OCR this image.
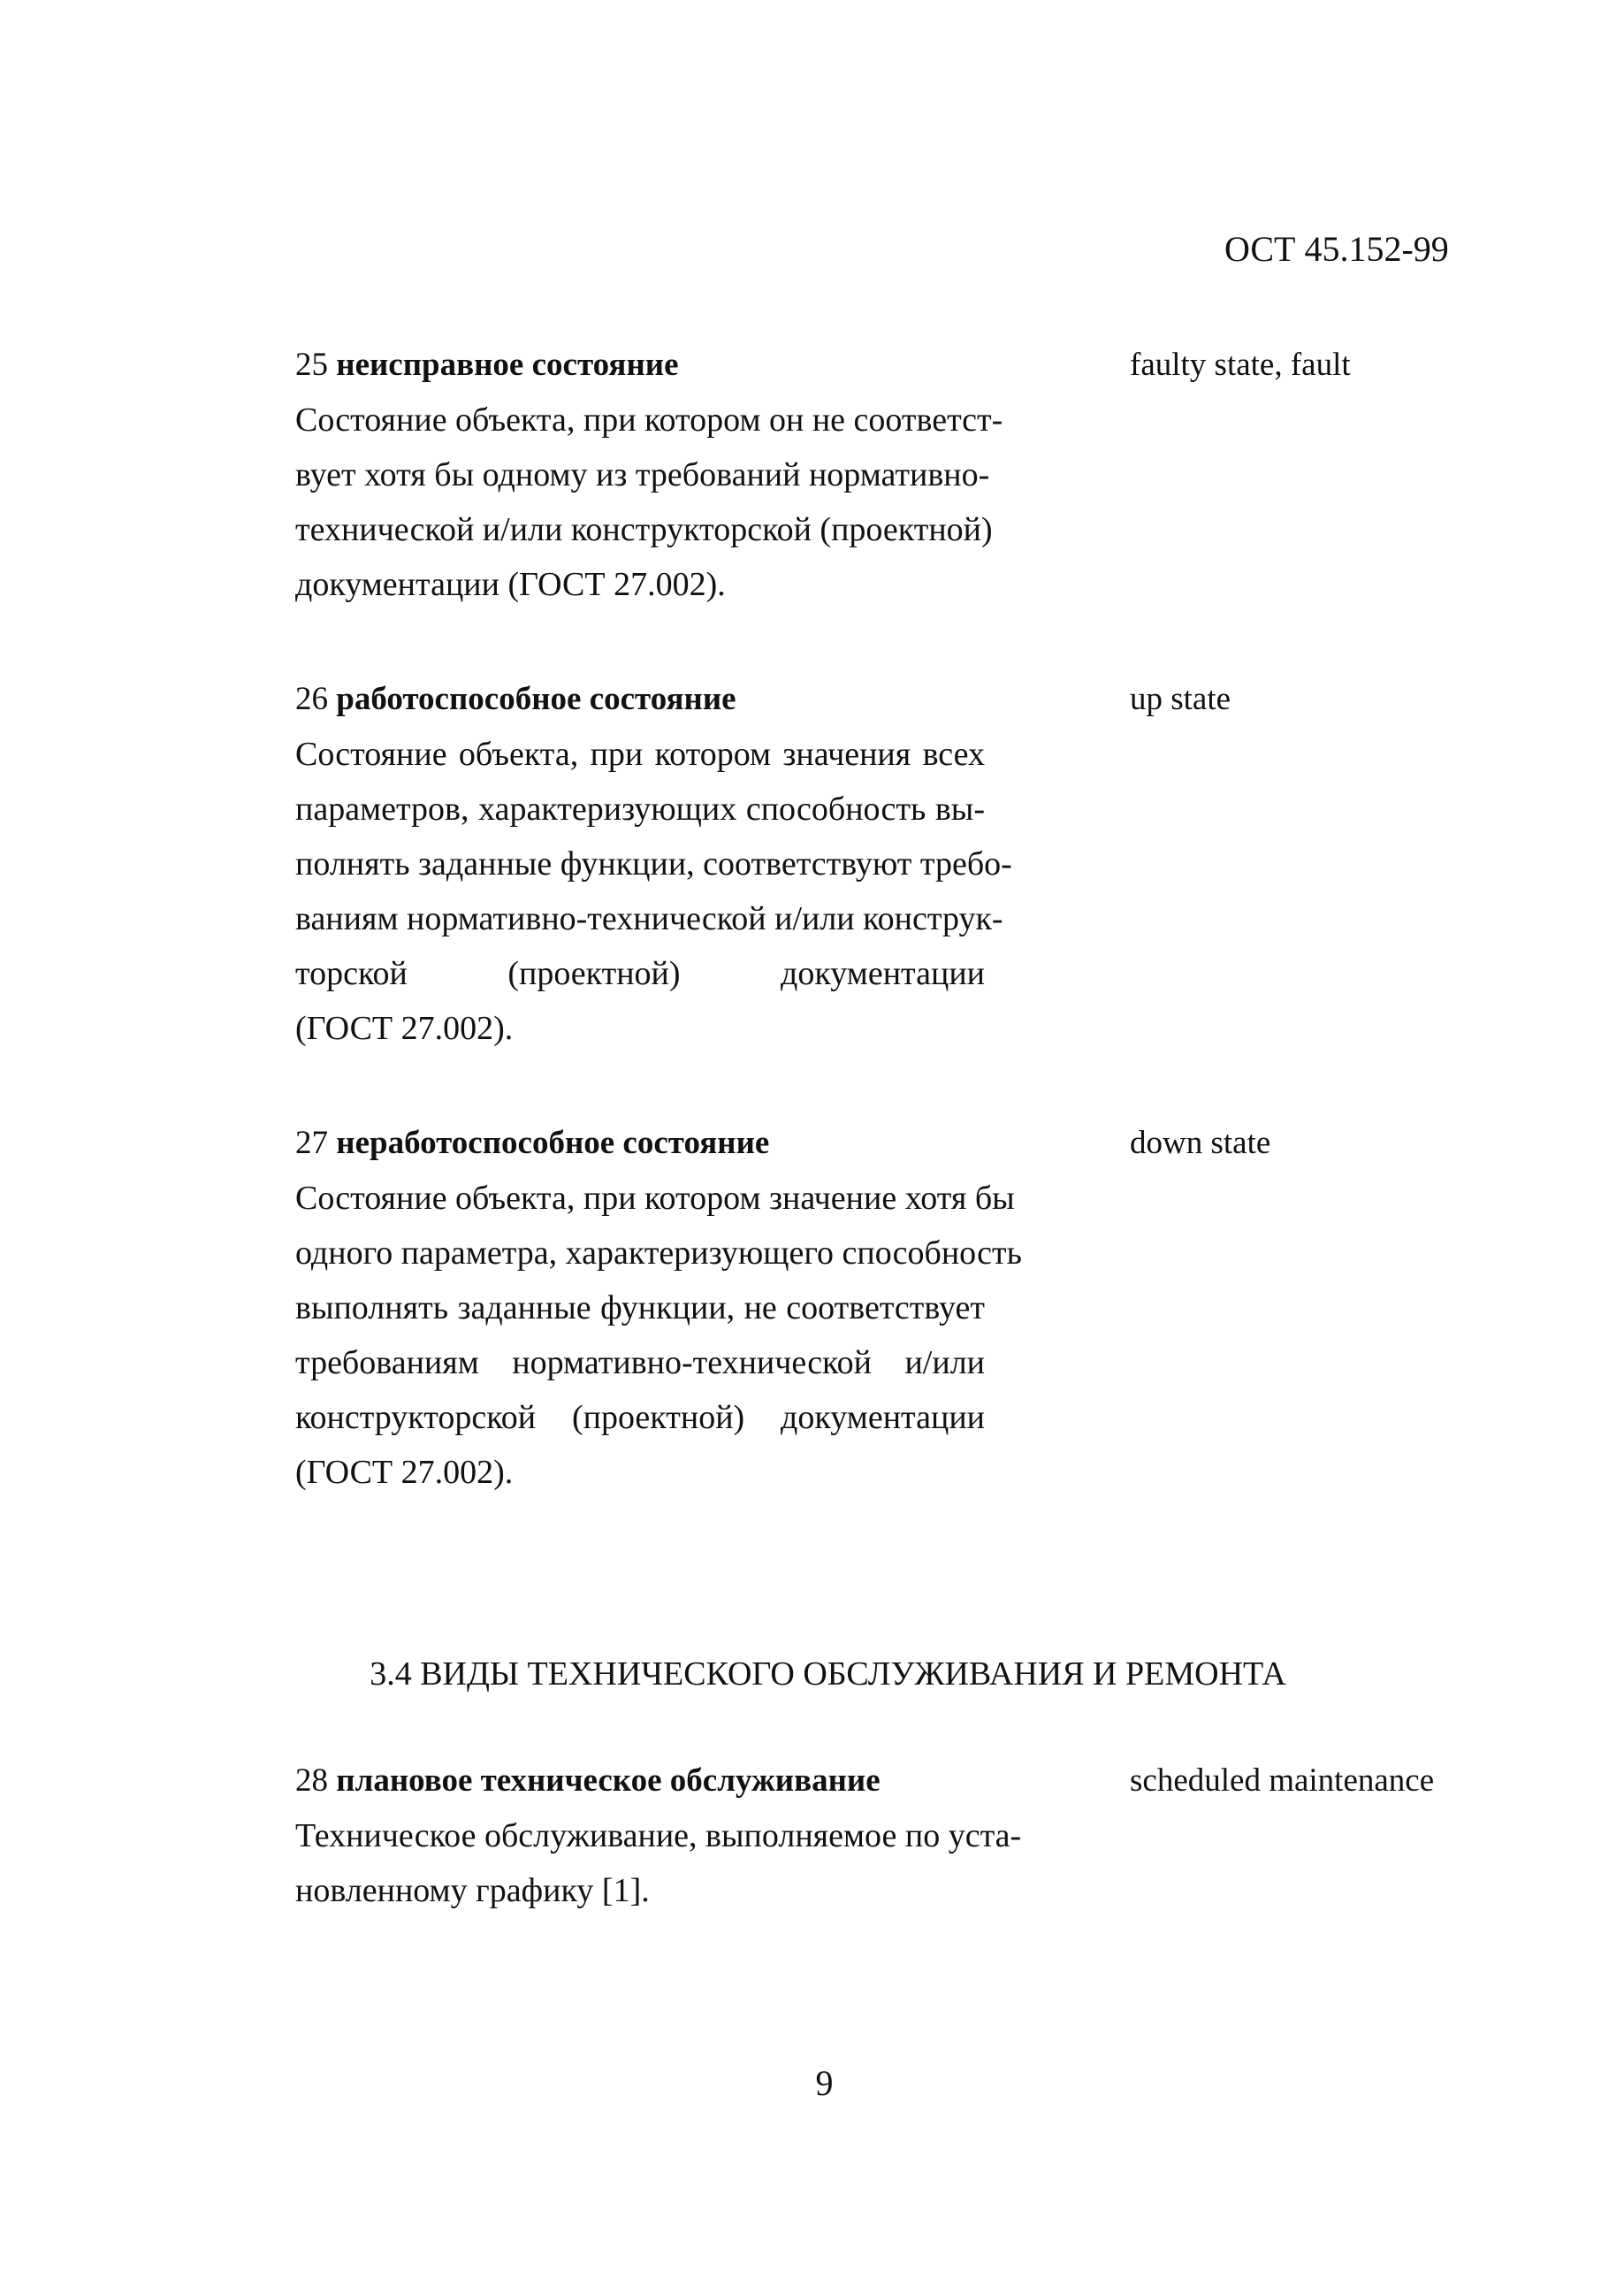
ОСТ 45.152-99

25 неисправное состояние

Состояние объекта, при котором он не соответст-
вует хотя бы одному из требований нормативно-
технической и/или конструкторской (проектной)
документации (ГОСТ 27.002).

faulty state, fault

26 работоспособное состояние

Состояние объекта, при котором значения всех
параметров, характеризующих способность вы-
полнять заданные функции, соответствуют требо-
ваниям нормативно-технической и/или конструк-
торской (проектной) документации
(ГОСТ 27.002).

up state

27 неработоспособное состояние

Состояние объекта, при котором значение хотя бы
одного параметра, характеризующего способность
выполнять заданные функции, не соответствует
требованиям нормативно-технической и/или
конструкторской (проектной) документации
(ГОСТ 27.002).

down state
3.4 ВИДЫ ТЕХНИЧЕСКОГО ОБСЛУЖИВАНИЯ И РЕМОНТА

28 плановое техническое обслуживание

Техническое обслуживание, выполняемое по уста-
новленному графику [1].

scheduled maintenance
9
